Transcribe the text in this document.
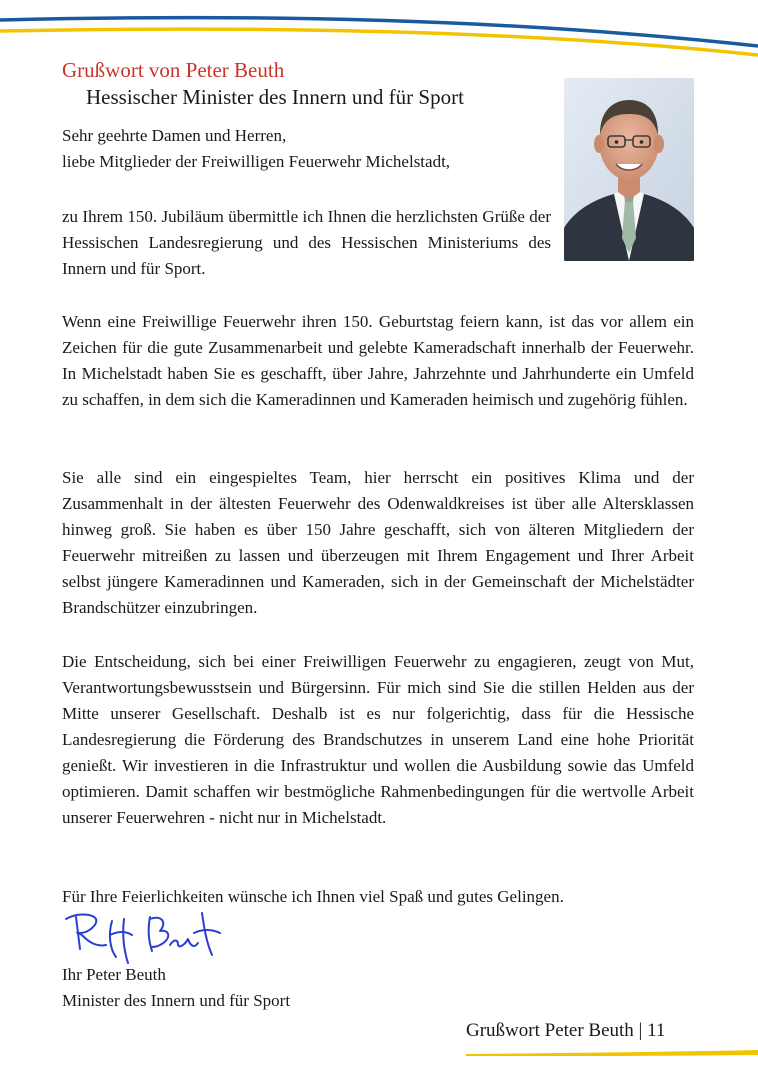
Grußwort von Peter Beuth
Hessischer Minister des Innern und für Sport

Sehr geehrte Damen und Herren,
liebe Mitglieder der Freiwilligen Feuerwehr Michelstadt,

zu Ihrem 150. Jubiläum übermittle ich Ihnen die herzlichsten Grüße der Hessischen Landesregierung und des Hessischen Ministeriums des Innern und für Sport.

Wenn eine Freiwillige Feuerwehr ihren 150. Geburtstag feiern kann, ist das vor allem ein Zeichen für die gute Zusammenarbeit und gelebte Kameradschaft innerhalb der Feuerwehr. In Michelstadt haben Sie es geschafft, über Jahre, Jahrzehnte und Jahrhunderte ein Umfeld zu schaffen, in dem sich die Kameradinnen und Kameraden heimisch und zugehörig fühlen.

Sie alle sind ein eingespieltes Team, hier herrscht ein positives Klima und der Zusammenhalt in der ältesten Feuerwehr des Odenwaldkreises ist über alle Altersklassen hinweg groß. Sie haben es über 150 Jahre geschafft, sich von älteren Mitgliedern der Feuerwehr mitreißen zu lassen und überzeugen mit Ihrem Engagement und Ihrer Arbeit selbst jüngere Kameradinnen und Kameraden, sich in der Gemeinschaft der Michelstädter Brandschützer einzubringen.

Die Entscheidung, sich bei einer Freiwilligen Feuerwehr zu engagieren, zeugt von Mut, Verantwortungsbewusstsein und Bürgersinn. Für mich sind Sie die stillen Helden aus der Mitte unserer Gesellschaft. Deshalb ist es nur folgerichtig, dass für die Hessische Landesregierung die Förderung des Brandschutzes in unserem Land eine hohe Priorität genießt. Wir investieren in die Infrastruktur und wollen die Ausbildung sowie das Umfeld optimieren. Damit schaffen wir bestmögliche Rahmenbedingungen für die wertvolle Arbeit unserer Feuerwehren - nicht nur in Michelstadt.

Für Ihre Feierlichkeiten wünsche ich Ihnen viel Spaß und gutes Gelingen.

Ihr Peter Beuth
Minister des Innern und für Sport

Grußwort Peter Beuth | 11
